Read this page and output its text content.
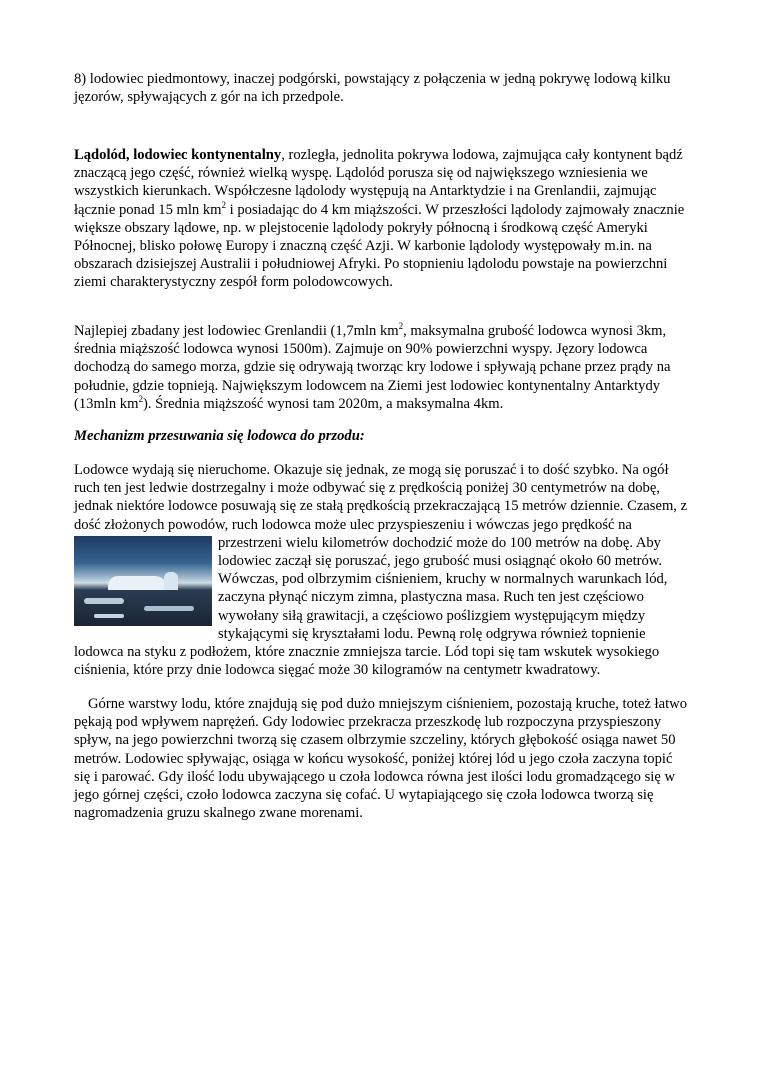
8) lodowiec piedmontowy, inaczej podgórski, powstający z połączenia w jedną pokrywę lodową kilku jęzorów, spływających z gór na ich przedpole.

Lądolód, lodowiec kontynentalny, rozległa, jednolita pokrywa lodowa, zajmująca cały kontynent bądź znaczącą jego część, również wielką wyspę. Lądolód porusza się od największego wzniesienia we wszystkich kierunkach. Współczesne lądolody występują na Antarktydzie i na Grenlandii, zajmując łącznie ponad 15 mln $km^2$ i posiadając do 4 km miąższości. W przeszłości lądolody zajmowały znacznie większe obszary lądowe, np. w plejstocenie lądolody pokryły północną i środkową część Ameryki Północnej, blisko połowę Europy i znaczną część Azji. W karbonie lądolody występowały m.in. na obszarach dzisiejszej Australii i południowej Afryki. Po stopnieniu lądolodu powstaje na powierzchni ziemi charakterystyczny zespół form polodowcowych.

Najlepiej zbadany jest lodowiec Grenlandii (1,7mln $km^2$, maksymalna grubość lodowca wynosi 3km, średnia miąższość lodowca wynosi 1500m). Zajmuje on 90% powierzchni wyspy. Jęzory lodowca dochodzą do samego morza, gdzie się odrywają tworząc kry lodowe i spływają pchane przez prądy na południe, gdzie topnieją. Największym lodowcem na Ziemi jest lodowiec kontynentalny Antarktydy (13mln $km^2$). Średnia miąższość wynosi tam 2020m, a maksymalna 4km.

Mechanizm przesuwania się lodowca do przodu:

Lodowce wydają się nieruchome. Okazuje się jednak, ze mogą się poruszać i to dość szybko. Na ogół ruch ten jest ledwie dostrzegalny i może odbywać się z prędkością poniżej 30 centymetrów na dobę, jednak niektóre lodowce posuwają się ze stałą prędkością przekraczającą 15 metrów dziennie. Czasem, z dość złożonych powodów, ruch lodowca może ulec przyspieszeniu i wówczas jego prędkość na przestrzeni wielu kilometrów dochodzić może do 100 metrów na dobę. Aby lodowiec zaczął się poruszać, jego grubość musi osiągnąć około 60 metrów. Wówczas, pod olbrzymim ciśnieniem, kruchy w normalnych warunkach lód, zaczyna płynąć niczym zimna, plastyczna masa. Ruch ten jest częściowo wywołany siłą grawitacji, a częściowo poślizgiem występującym między stykającymi się kryształami lodu. Pewną rolę odgrywa również topnienie lodowca na styku z podłożem, które znacznie zmniejsza tarcie. Lód topi się tam wskutek wysokiego ciśnienia, które przy dnie lodowca sięgać może 30 kilogramów na centymetr kwadratowy.

Górne warstwy lodu, które znajdują się pod dużo mniejszym ciśnieniem, pozostają kruche, toteż łatwo pękają pod wpływem naprężeń. Gdy lodowiec przekracza przeszkodę lub rozpoczyna przyspieszony spływ, na jego powierzchni tworzą się czasem olbrzymie szczeliny, których głębokość osiąga nawet 50 metrów. Lodowiec spływając, osiąga w końcu wysokość, poniżej której lód u jego czoła zaczyna topić się i parować. Gdy ilość lodu ubywającego u czoła lodowca równa jest ilości lodu gromadzącego się w jego górnej części, czoło lodowca zaczyna się cofać. U wytapiającego się czoła lodowca tworzą się nagromadzenia gruzu skalnego zwane morenami.
